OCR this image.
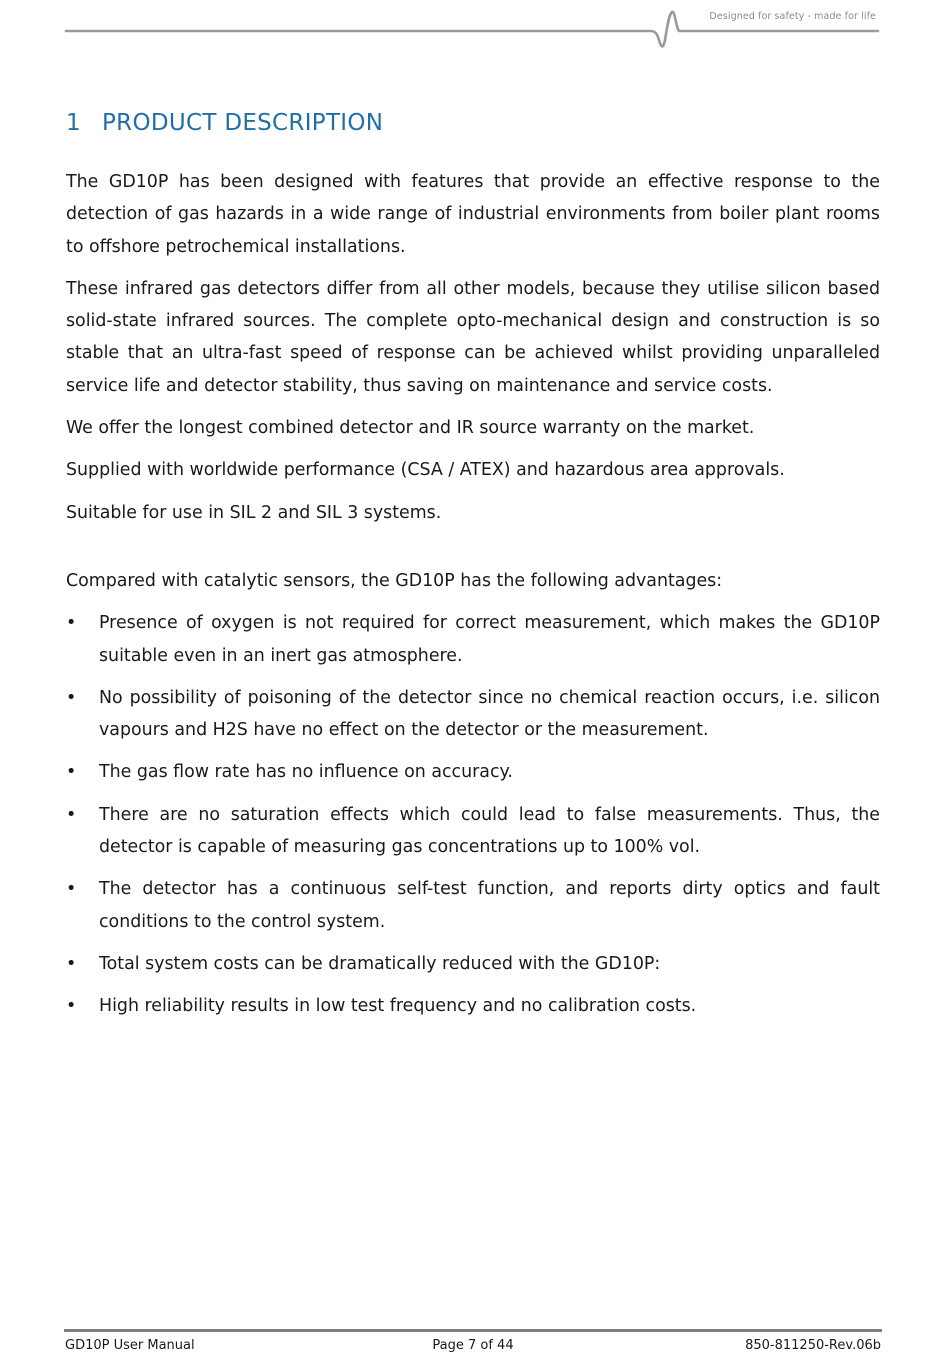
Designed for safety - made for life
1 PRODUCT DESCRIPTION

The GD10P has been designed with features that provide an effective response to the detection of gas hazards in a wide range of industrial environments from boiler plant rooms to offshore petrochemical installations.

These infrared gas detectors differ from all other models, because they utilise silicon based solid-state infrared sources. The complete opto-mechanical design and construction is so stable that an ultra-fast speed of response can be achieved whilst providing unparalleled service life and detector stability, thus saving on maintenance and service costs.

We offer the longest combined detector and IR source warranty on the market.

Supplied with worldwide performance (CSA / ATEX) and hazardous area approvals.

Suitable for use in SIL 2 and SIL 3 systems.

Compared with catalytic sensors, the GD10P has the following advantages:

• Presence of oxygen is not required for correct measurement, which makes the GD10P suitable even in an inert gas atmosphere.
• No possibility of poisoning of the detector since no chemical reaction occurs, i.e. silicon vapours and H2S have no effect on the detector or the measurement.
• The gas flow rate has no influence on accuracy.
• There are no saturation effects which could lead to false measurements. Thus, the detector is capable of measuring gas concentrations up to 100% vol.
• The detector has a continuous self-test function, and reports dirty optics and fault conditions to the control system.
• Total system costs can be dramatically reduced with the GD10P:
• High reliability results in low test frequency and no calibration costs.
GD10P User Manual	Page 7 of 44	850-811250-Rev.06b
